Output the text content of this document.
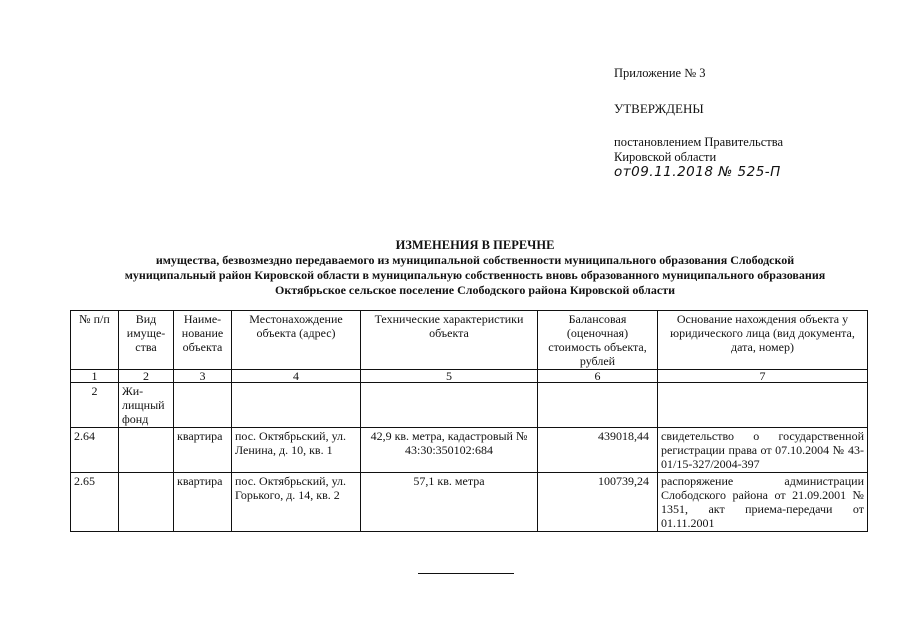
Приложение № 3
УТВЕРЖДЕНЫ
постановлением Правительства
Кировской области
от09.11.2018 № 525-П
ИЗМЕНЕНИЯ В ПЕРЕЧНЕ
имущества, безвозмездно передаваемого из муниципальной собственности муниципального образования Слободской
муниципальный район Кировской области в муниципальную собственность вновь образованного муниципального образования
Октябрьское сельское поселение Слободского района Кировской области
№ п/п	Вид имуще-ства	Наиме-нование объекта	Местонахождение объекта (адрес)	Технические характеристики объекта	Балансовая (оценочная) стоимость объекта, рублей	Основание нахождения объекта у юридического лица (вид документа, дата, номер)
1	2	3	4	5	6	7
2	Жи-лищный фонд					
2.64		квартира	пос. Октябрьский, ул. Ленина, д. 10, кв. 1	42,9 кв. метра, кадастровый № 43:30:350102:684	439018,44	свидетельство о государственной регистрации права от 07.10.2004 № 43-01/15-327/2004-397
2.65		квартира	пос. Октябрьский, ул. Горького, д. 14, кв. 2	57,1 кв. метра	100739,24	распоряжение администрации Слободского района от 21.09.2001 № 1351, акт приема-передачи от 01.11.2001
